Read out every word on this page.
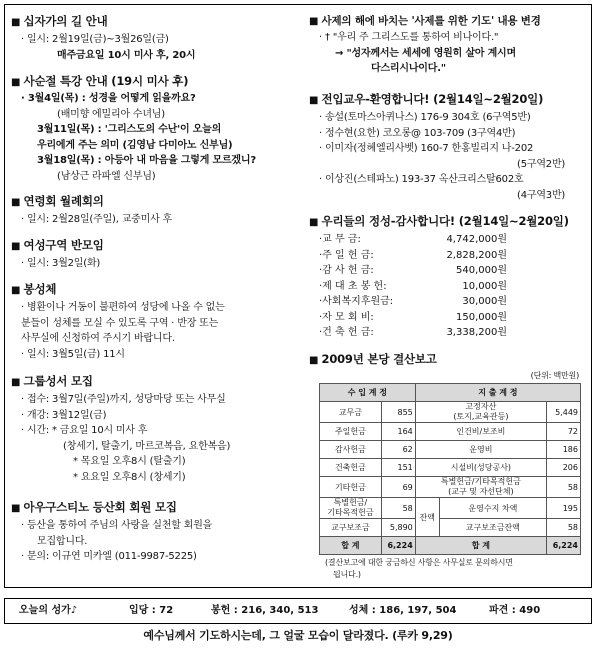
■ 십자가의 길 안내
· 일시: 2월19일(금)~3월26일(금)
매주금요일 10시 미사 후, 20시
■ 사순절 특강 안내 (19시 미사 후)
· 3월4일(목) : 성경을 어떻게 읽을까요?
(배미향 에밀리아 수녀님)
3월11일(목) : '그리스도의 수난'이 오늘의
우리에게 주는 의미 (김영남 다미아노 신부님)
3월18일(목) : 아등아 내 마음을 그렇게 모르겠니?
(남상근 라파엘 신부님)
■ 연령회 월례회의
· 일시: 2월28일(주일), 교중미사 후
■ 여성구역 반모임
· 일시: 3월2일(화)
■ 봉성체
· 병환이나 거동이 불편하여 성당에 나올 수 없는
분들이 성체를 모실 수 있도록 구역 · 반장 또는
사무실에 신청하여 주시기 바랍니다.
· 일시: 3월5일(금) 11시
■ 그룹성서 모집
· 접수: 3월7일(주일)까지, 성당마당 또는 사무실
· 개강: 3월12일(금)
· 시간: * 금요일 10시 미사 후
(창세기, 탈출기, 마르코복음, 요한복음)
* 목요일 오후8시 (탈출기)
* 요요일 오후8시 (창세기)
■ 아우구스티노 등산회 회원 모집
· 등산을 통하여 주님의 사랑을 실천할 회원을
모집합니다.
· 문의: 이규연 미카엘 (011-9987-5225)
■ 사제의 해에 바치는 '사제를 위한 기도' 내용 변경
· † "우리 주 그리스도를 통하여 비나이다."
→ "성자께서는 세세에 영원히 살아 계시며
다스리시나이다."
■ 전입교우-환영합니다! (2월14일~2월20일)
· 송설(토마스아퀴나스) 176-9 304호 (6구역5반)
· 정수현(요한) 코오롱@ 103-709 (3구역4반)
· 이미자(정혜엘리사벳) 160-7 한홍빌리지 나-202
(5구역2반)
· 이상진(스테파노) 193-37 옥산크리스탈602호
(4구역3반)
■ 우리들의 정성-감사합니다! (2월14일~2월20일)
·교 무 금:	4,742,000원
·주 일 헌 금:	2,828,200원
·감 사 헌 금:	540,000원
·제 대 초 봉 헌:	10,000원
·사회복지후원금:	30,000원
·자 모 회 비:	150,000원
·건 축 헌 금:	3,338,200원
■ 2009년 본당 결산보고
(단위: 백만원)
수 입 계 정		지 출 계 정		
교무금	855	고정자산
(토지,교육관등)		5,449
주일헌금	164	인건비/보조비		72
감사헌금	62	운영비		186
건축헌금	151	시설비(성당공사)		206
기타헌금	69	특별헌금/기타목적헌금
(교구 및 자선단체)		58
특별헌금/
기타목적헌금	58	잔액	운영수지 차액	195
교구보조금	5,890		교구보조금잔액	58
합 계	6,224	합 계		6,224
(결산보고에 대한 궁금하신 사항은 사무실로 문의하시면
됩니다.)
오늘의 성가♪	입당 : 72	봉헌 : 216, 340, 513	성체 : 186, 197, 504	파견 : 490
예수님께서 기도하시는데, 그 얼굴 모습이 달라졌다. (루카 9,29)
